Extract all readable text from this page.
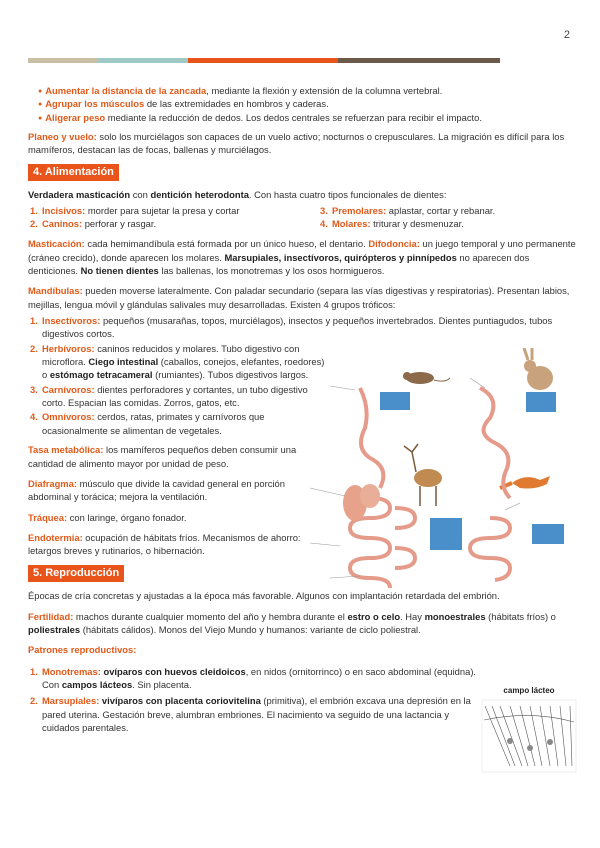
2
● Aumentar la distancia de la zancada, mediante la flexión y extensión de la columna vertebral.
● Agrupar los músculos de las extremidades en hombros y caderas.
● Aligerar peso mediante la reducción de dedos. Los dedos centrales se refuerzan para recibir el impacto.

Planeo y vuelo: solo los murciélagos son capaces de un vuelo activo; nocturnos o crepusculares. La migración es difícil para los mamíferos, destacan las de focas, ballenas y murciélagos.

4. Alimentación

Verdadera masticación con dentición heterodonta. Con hasta cuatro tipos funcionales de dientes:

1. Incisivos: morder para sujetar la presa y cortar	3. Premolares: aplastar, cortar y rebanar.
2. Caninos: perforar y rasgar.	4. Molares: triturar y desmenuzar.

Masticación: cada hemimandíbula está formada por un único hueso, el dentario. Difodoncia: un juego temporal y uno permanente (cráneo crecido), donde aparecen los molares. Marsupiales, insectívoros, quirópteros y pinnípedos no aparecen dos denticiones. No tienen dientes las ballenas, los monotremas y los osos hormigueros.

Mandíbulas: pueden moverse lateralmente. Con paladar secundario (separa las vías digestivas y respiratorias). Presentan labios, mejillas, lengua móvil y glándulas salivales muy desarrolladas. Existen 4 grupos tróficos:

1. Insectívoros: pequeños (musarañas, topos, murciélagos), insectos y pequeños invertebrados. Dientes puntiagudos, tubos digestivos cortos.
2. Herbívoros: caninos reducidos y molares. Tubo digestivo con microflora. Ciego intestinal (caballos, conejos, elefantes, roedores) o estómago tetracameral (rumiantes). Tubos digestivos largos.
3. Carnívoros: dientes perforadores y cortantes, un tubo digestivo corto. Espacian las comidas. Zorros, gatos, etc.
4. Omnívoros: cerdos, ratas, primates y carnívoros que ocasionalmente se alimentan de vegetales.

Tasa metabólica: los mamíferos pequeños deben consumir una cantidad de alimento mayor por unidad de peso.

Diafragma: músculo que divide la cavidad general en porción abdominal y torácica; mejora la ventilación.

Tráquea: con laringe, órgano fonador.

Endotermia: ocupación de hábitats fríos. Mecanismos de ahorro: letargos breves y rutinarios, o hibernación.

5. Reproducción

Épocas de cría concretas y ajustadas a la época más favorable. Algunos con implantación retardada del embrión.

Fertilidad: machos durante cualquier momento del año y hembra durante el estro o celo. Hay monoestrales (hábitats fríos) o poliestrales (hábitats cálidos). Monos del Viejo Mundo y humanos: variante de ciclo poliestral.

Patrones reproductivos:

1. Monotremas: ovíparos con huevos cleidoicos, en nidos (ornitorrinco) o en saco abdominal (equidna). Con campos lácteos. Sin placenta.
2. Marsupiales: vivíparos con placenta coriovitelina (primitiva), el embrión excava una depresión en la pared uterina. Gestación breve, alumbran embriones. El nacimiento va seguido de una lactancia y cuidados parentales.
campo lácteo
